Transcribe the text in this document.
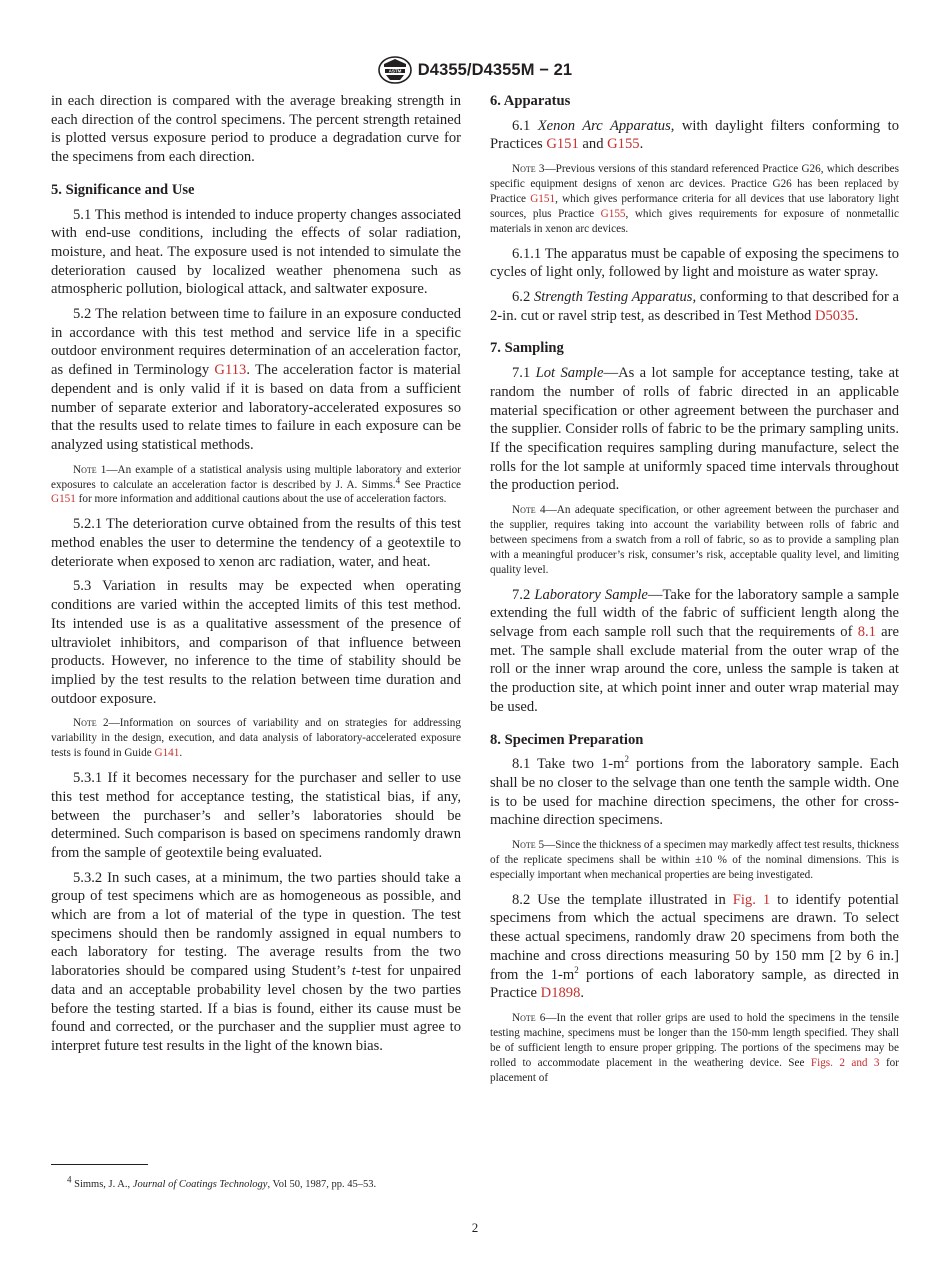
ASTM D4355/D4355M − 21

in each direction is compared with the average breaking strength in each direction of the control specimens. The percent strength retained is plotted versus exposure period to produce a degradation curve for the specimens from each direction.

5. Significance and Use

5.1 This method is intended to induce property changes associated with end-use conditions, including the effects of solar radiation, moisture, and heat. The exposure used is not intended to simulate the deterioration caused by localized weather phenomena such as atmospheric pollution, biological attack, and saltwater exposure.

5.2 The relation between time to failure in an exposure conducted in accordance with this test method and service life in a specific outdoor environment requires determination of an acceleration factor, as defined in Terminology G113. The acceleration factor is material dependent and is only valid if it is based on data from a sufficient number of separate exterior and laboratory-accelerated exposures so that the results used to relate times to failure in each exposure can be analyzed using statistical methods.

Note 1—An example of a statistical analysis using multiple laboratory and exterior exposures to calculate an acceleration factor is described by J. A. Simms.$^4$ See Practice G151 for more information and additional cautions about the use of acceleration factors.

5.2.1 The deterioration curve obtained from the results of this test method enables the user to determine the tendency of a geotextile to deteriorate when exposed to xenon arc radiation, water, and heat.

5.3 Variation in results may be expected when operating conditions are varied within the accepted limits of this test method. Its intended use is as a qualitative assessment of the presence of ultraviolet inhibitors, and comparison of that influence between products. However, no inference to the time of stability should be implied by the test results to the relation between time duration and outdoor exposure.

Note 2—Information on sources of variability and on strategies for addressing variability in the design, execution, and data analysis of laboratory-accelerated exposure tests is found in Guide G141.

5.3.1 If it becomes necessary for the purchaser and seller to use this test method for acceptance testing, the statistical bias, if any, between the purchaser’s and seller’s laboratories should be determined. Such comparison is based on specimens randomly drawn from the sample of geotextile being evaluated.

5.3.2 In such cases, at a minimum, the two parties should take a group of test specimens which are as homogeneous as possible, and which are from a lot of material of the type in question. The test specimens should then be randomly assigned in equal numbers to each laboratory for testing. The average results from the two laboratories should be compared using Student’s t-test for unpaired data and an acceptable probability level chosen by the two parties before the testing started. If a bias is found, either its cause must be found and corrected, or the purchaser and the supplier must agree to interpret future test results in the light of the known bias.

$^4$ Simms, J. A., Journal of Coatings Technology, Vol 50, 1987, pp. 45–53.
6. Apparatus

6.1 Xenon Arc Apparatus, with daylight filters conforming to Practices G151 and G155.

Note 3—Previous versions of this standard referenced Practice G26, which describes specific equipment designs of xenon arc devices. Practice G26 has been replaced by Practice G151, which gives performance criteria for all devices that use laboratory light sources, plus Practice G155, which gives requirements for exposure of nonmetallic materials in xenon arc devices.

6.1.1 The apparatus must be capable of exposing the specimens to cycles of light only, followed by light and moisture as water spray.

6.2 Strength Testing Apparatus, conforming to that described for a 2-in. cut or ravel strip test, as described in Test Method D5035.

7. Sampling

7.1 Lot Sample—As a lot sample for acceptance testing, take at random the number of rolls of fabric directed in an applicable material specification or other agreement between the purchaser and the supplier. Consider rolls of fabric to be the primary sampling units. If the specification requires sampling during manufacture, select the rolls for the lot sample at uniformly spaced time intervals throughout the production period.

Note 4—An adequate specification, or other agreement between the purchaser and the supplier, requires taking into account the variability between rolls of fabric and between specimens from a swatch from a roll of fabric, so as to provide a sampling plan with a meaningful producer’s risk, consumer’s risk, acceptable quality level, and limiting quality level.

7.2 Laboratory Sample—Take for the laboratory sample a sample extending the full width of the fabric of sufficient length along the selvage from each sample roll such that the requirements of 8.1 are met. The sample shall exclude material from the outer wrap of the roll or the inner wrap around the core, unless the sample is taken at the production site, at which point inner and outer wrap material may be used.

8. Specimen Preparation

8.1 Take two $1-m^2$ portions from the laboratory sample. Each shall be no closer to the selvage than one tenth the sample width. One is to be used for machine direction specimens, the other for cross-machine direction specimens.

Note 5—Since the thickness of a specimen may markedly affect test results, thickness of the replicate specimens shall be within ±10 % of the nominal dimensions. This is especially important when mechanical properties are being investigated.

8.2 Use the template illustrated in Fig. 1 to identify potential specimens from which the actual specimens are drawn. To select these actual specimens, randomly draw 20 specimens from both the machine and cross directions measuring 50 by 150 mm [2 by 6 in.] from the $1-m^2$ portions of each laboratory sample, as directed in Practice D1898.

Note 6—In the event that roller grips are used to hold the specimens in the tensile testing machine, specimens must be longer than the 150-mm length specified. They shall be of sufficient length to ensure proper gripping. The portions of the specimens may be rolled to accommodate placement in the weathering device. See Figs. 2 and 3 for placement of
2
